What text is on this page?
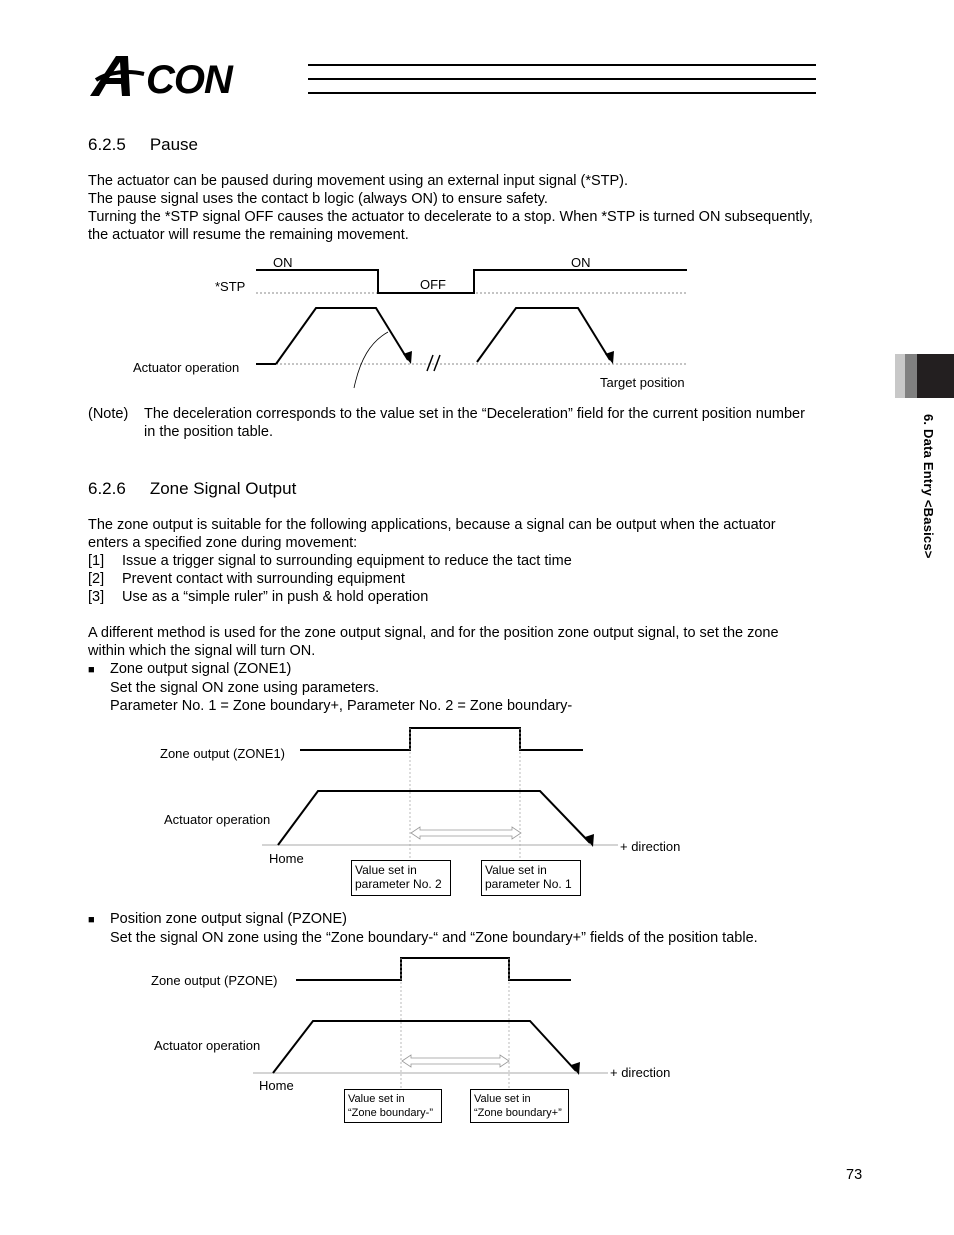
CON
6.2.5 Pause
The actuator can be paused during movement using an external input signal (*STP).
The pause signal uses the contact b logic (always ON) to ensure safety.
Turning the *STP signal OFF causes the actuator to decelerate to a stop. When *STP is turned ON subsequently,
the actuator will resume the remaining movement.
ON
OFF
ON
*STP
Actuator operation
Target position
(Note) The deceleration corresponds to the value set in the “Deceleration” field for the current position number
in the position table.
6.2.6 Zone Signal Output
The zone output is suitable for the following applications, because a signal can be output when the actuator
enters a specified zone during movement:
[1] Issue a trigger signal to surrounding equipment to reduce the tact time
[2] Prevent contact with surrounding equipment
[3] Use as a “simple ruler” in push & hold operation
A different method is used for the zone output signal, and for the position zone output signal, to set the zone
within which the signal will turn ON.
■ Zone output signal (ZONE1)
Set the signal ON zone using parameters.
Parameter No. 1 = Zone boundary+, Parameter No. 2 = Zone boundary-
Zone output (ZONE1)
Actuator operation
Home
+ direction
Value set in
parameter No. 2
Value set in
parameter No. 1
■ Position zone output signal (PZONE)
Set the signal ON zone using the “Zone boundary-“ and “Zone boundary+” fields of the position table.
Zone output (PZONE)
Actuator operation
Home
+ direction
Value set in
“Zone boundary-”
Value set in
“Zone boundary+”
6. Data Entry <Basics>
73
